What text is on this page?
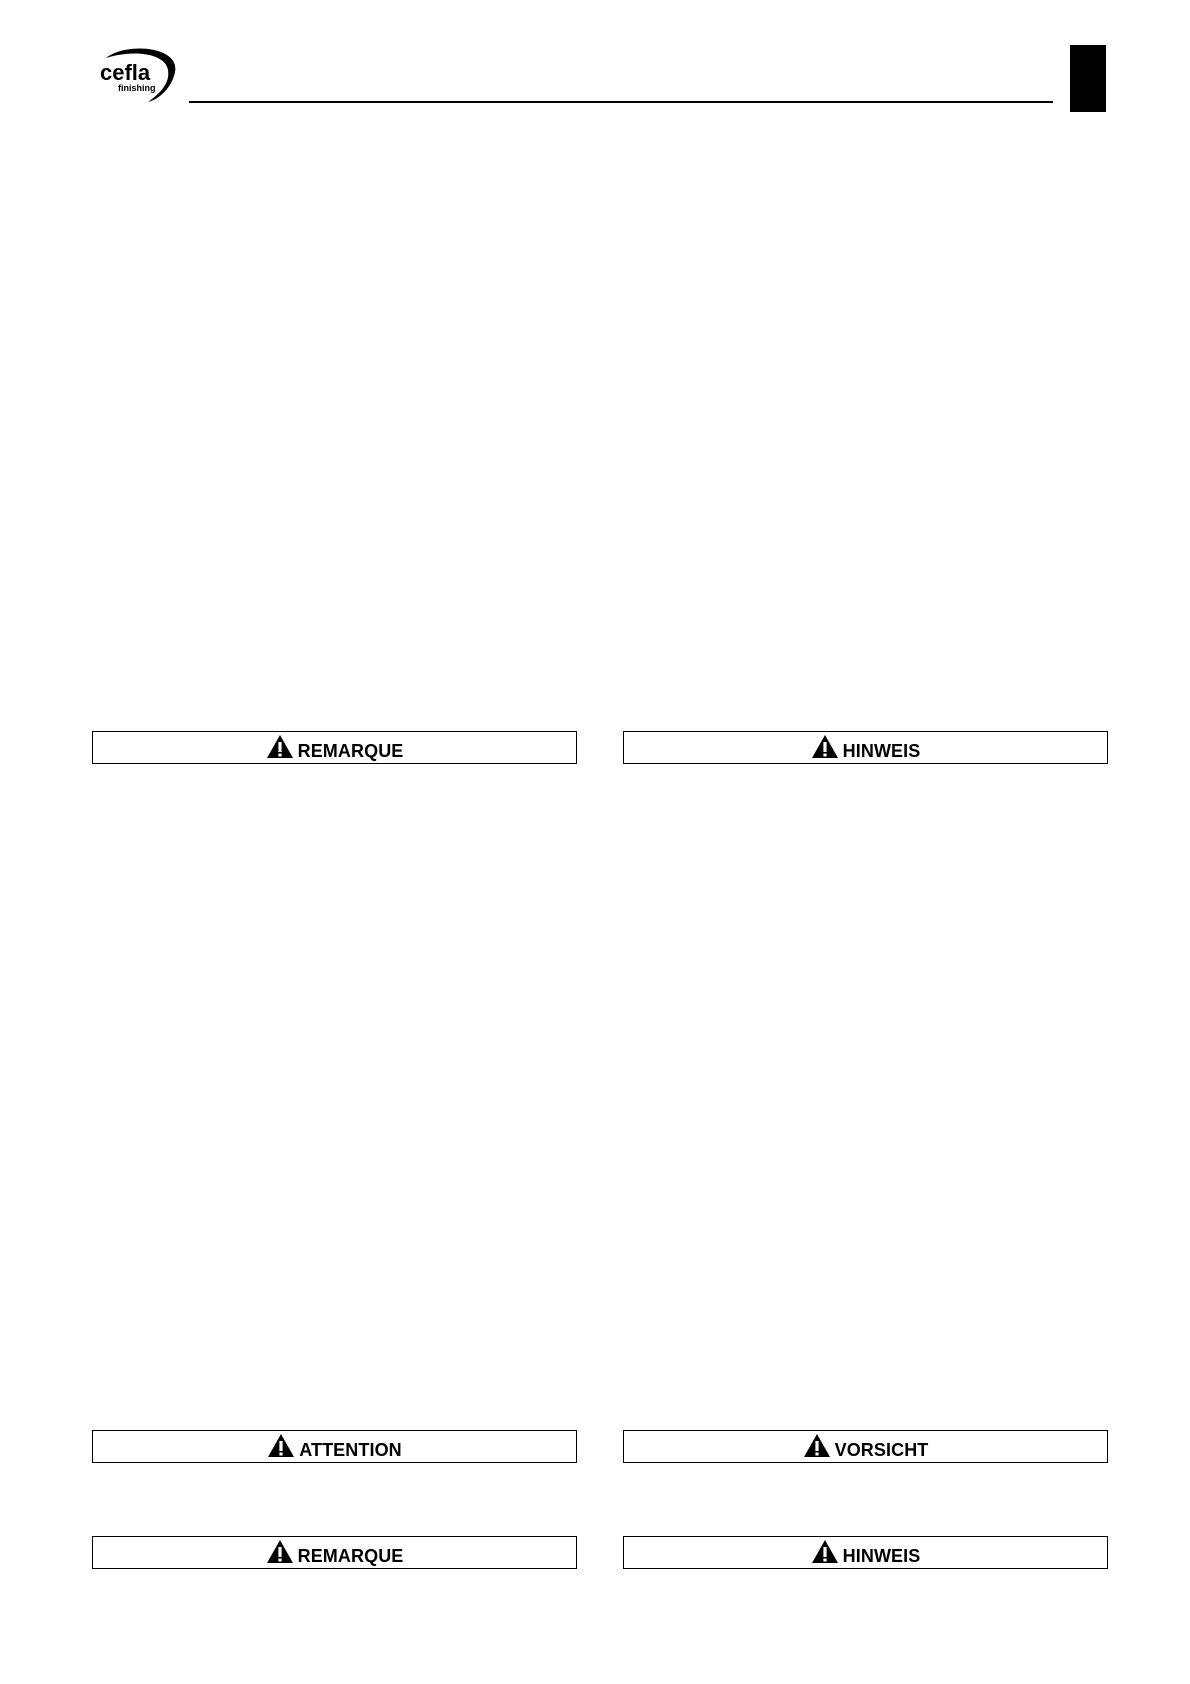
cefla
finishing
REMARQUE	HINWEIS
ATTENTION	VORSICHT
REMARQUE	HINWEIS
